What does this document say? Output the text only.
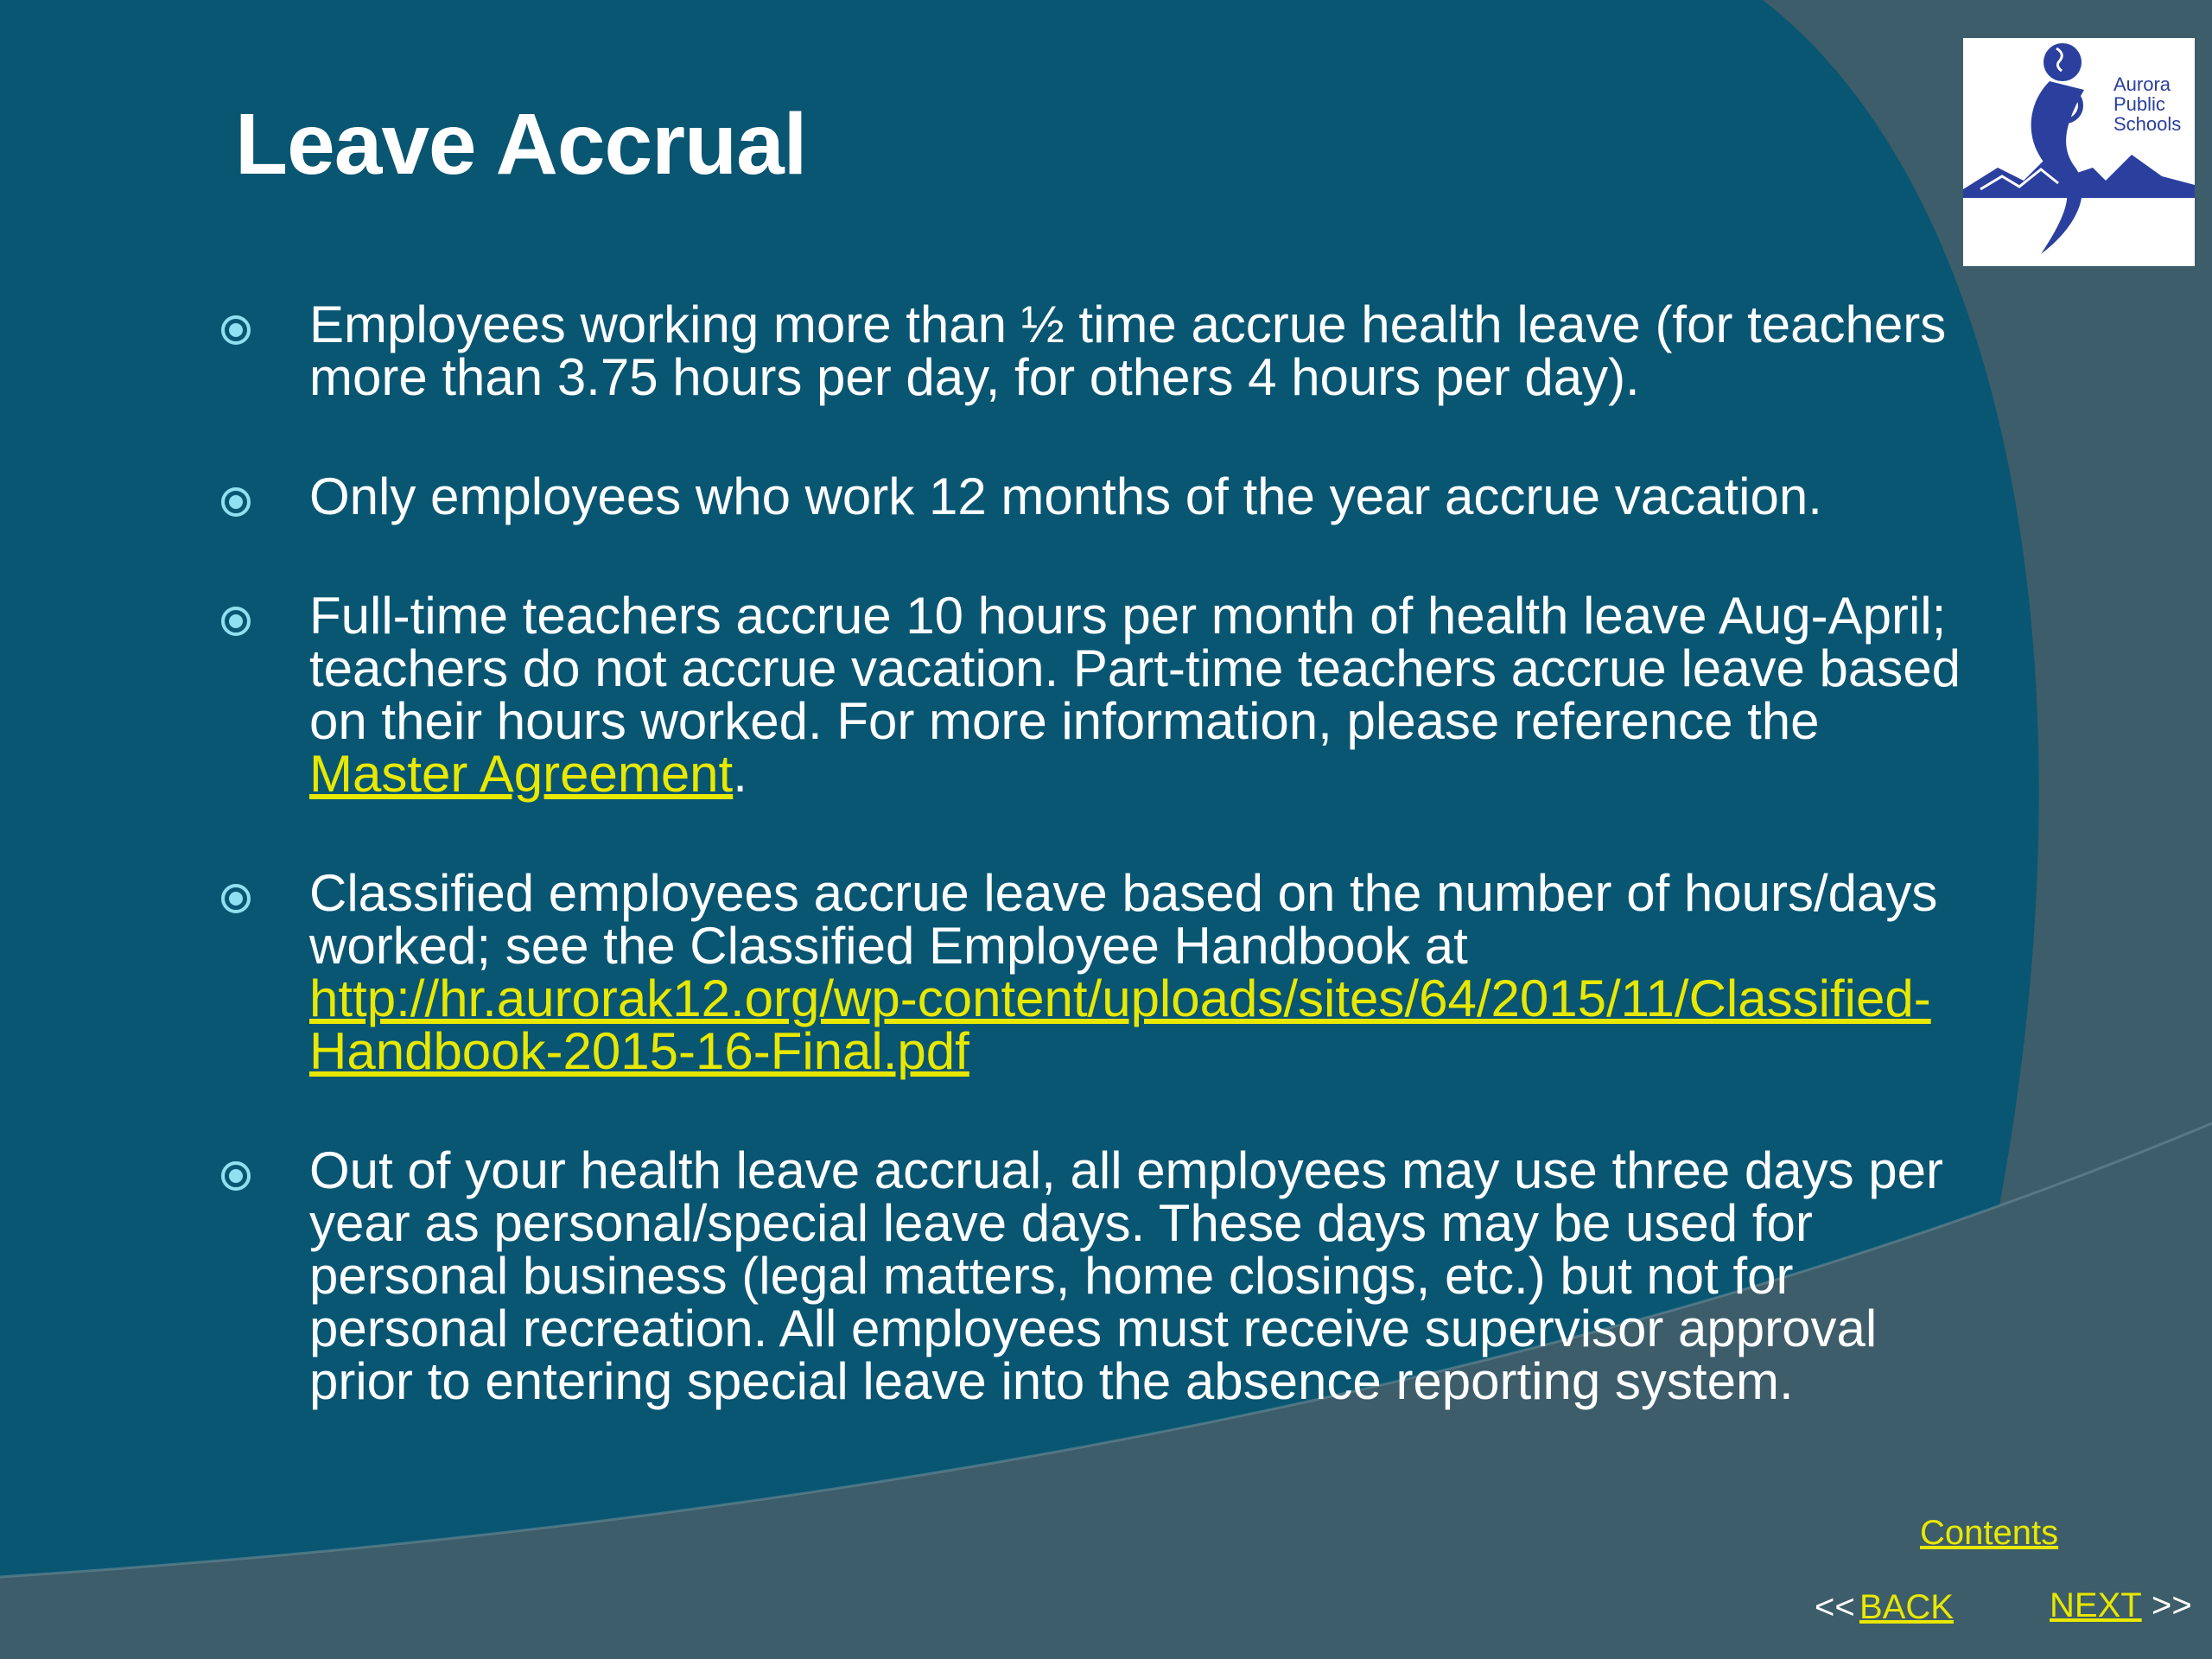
Leave Accrual
Aurora
Public
Schools
Employees working more than ½ time accrue health leave (for teachers more than 3.75 hours per day, for others 4 hours per day).
Only employees who work 12 months of the year accrue vacation.
Full-time teachers accrue 10 hours per month of health leave Aug-April; teachers do not accrue vacation. Part-time teachers accrue leave based on their hours worked. For more information, please reference the Master Agreement.
Classified employees accrue leave based on the number of hours/days worked; see the Classified Employee Handbook at http://hr.aurorak12.org/wp-content/uploads/sites/64/2015/11/Classified-Handbook-2015-16-Final.pdf
Out of your health leave accrual, all employees may use three days per year as personal/special leave days. These days may be used for personal business (legal matters, home closings, etc.) but not for personal recreation. All employees must receive supervisor approval prior to entering special leave into the absence reporting system.
Contents
<< BACK	NEXT >>
